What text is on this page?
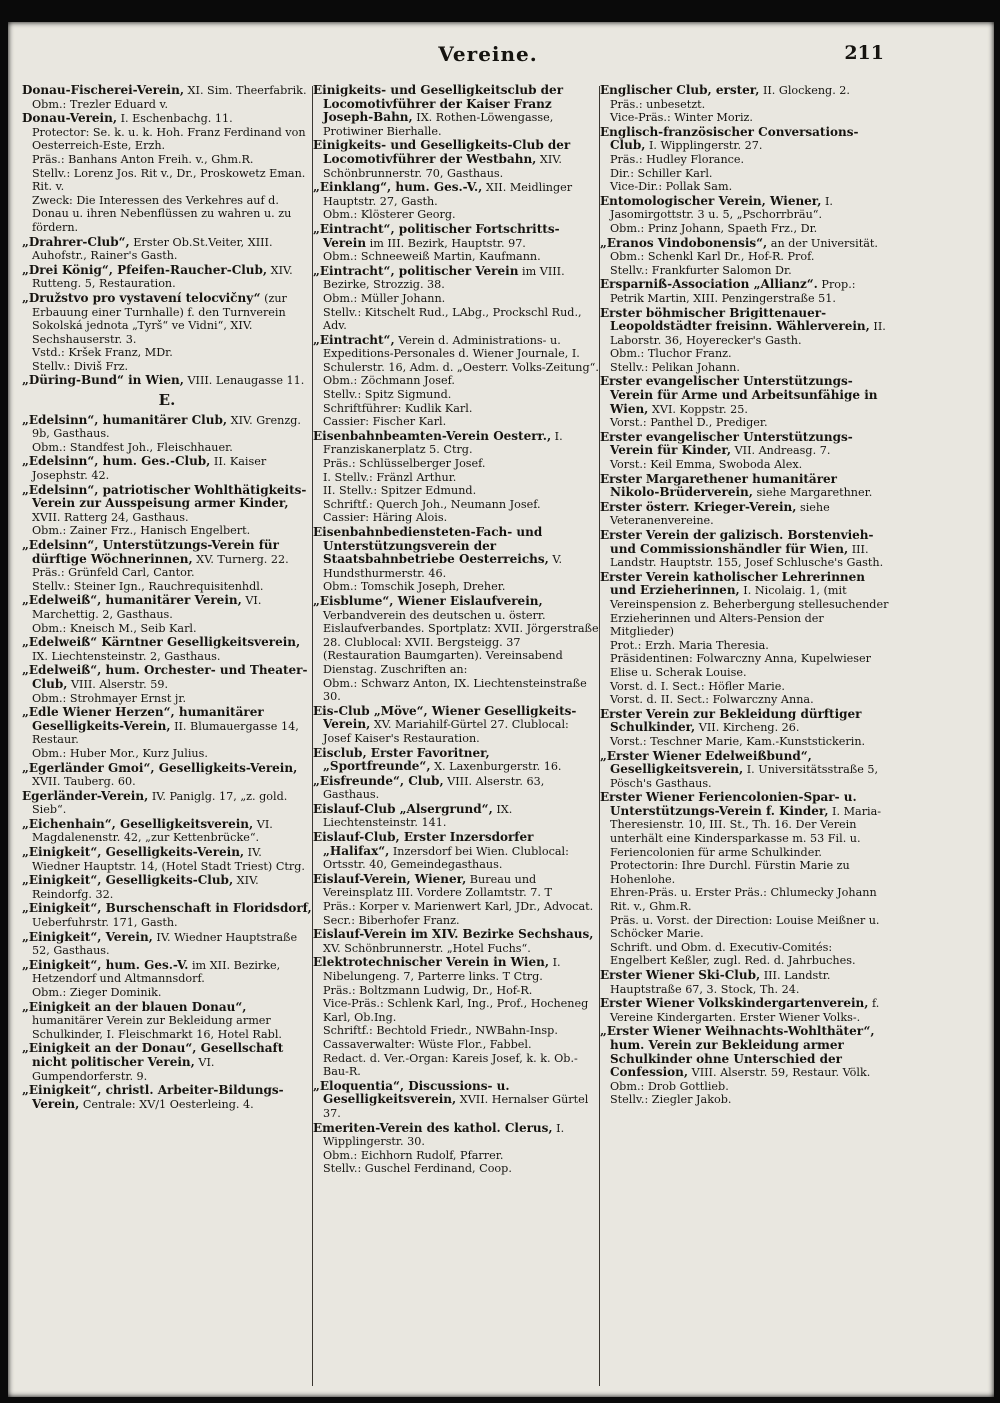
Vereine.	211

Donau-Fischerei-Verein, XI. Sim. Theerfabrik.

Obm.: Trezler Eduard v.

Donau-Verein, I. Eschenbachg. 11.

Protector: Se. k. u. k. Hoh. Franz Ferdinand von Oesterreich-Este, Erzh.

Präs.: Banhans Anton Freih. v., Ghm.R.

Stellv.: Lorenz Jos. Rit v., Dr., Proskowetz Eman. Rit. v.

Zweck: Die Interessen des Verkehres auf d. Donau u. ihren Nebenflüssen zu wahren u. zu fördern.

„Drahrer-Club“, Erster Ob.St.Veiter, XIII. Auhofstr., Rainer's Gasth.

„Drei König“, Pfeifen-Raucher-Club, XIV. Rutteng. 5, Restauration.

„Družstvo pro vystavení telocvičny“ (zur Erbauung einer Turnhalle) f. den Turnverein Sokolská jednota „Tyrš“ ve Vidni“, XIV. Sechshauserstr. 3.

Vstd.: Kršek Franz, MDr.

Stellv.: Diviš Frz.

„Düring-Bund“ in Wien, VIII. Lenaugasse 11.

E.

„Edelsinn“, humanitärer Club, XIV. Grenzg. 9b, Gasthaus.

Obm.: Standfest Joh., Fleischhauer.

„Edelsinn“, hum. Ges.-Club, II. Kaiser Josephstr. 42.

„Edelsinn“, patriotischer Wohlthätigkeits-Verein zur Ausspeisung armer Kinder, XVII. Ratterg 24, Gasthaus.

Obm.: Zainer Frz., Hanisch Engelbert.

„Edelsinn“, Unterstützungs-Verein für dürftige Wöchnerinnen, XV. Turnerg. 22.

Präs.: Grünfeld Carl, Cantor.

Stellv.: Steiner Ign., Rauchrequisitenhdl.

„Edelweiß“, humanitärer Verein, VI. Marchettig. 2, Gasthaus.

Obm.: Kneisch M., Seib Karl.

„Edelweiß“ Kärntner Geselligkeitsverein, IX. Liechtensteinstr. 2, Gasthaus.

„Edelweiß“, hum. Orchester- und Theater-Club, VIII. Alserstr. 59.

Obm.: Strohmayer Ernst jr.

„Edle Wiener Herzen“, humanitärer Geselligkeits-Verein, II. Blumauergasse 14, Restaur.

Obm.: Huber Mor., Kurz Julius.

„Egerländer Gmoi“, Geselligkeits-Verein, XVII. Tauberg. 60.

Egerländer-Verein, IV. Paniglg. 17, „z. gold. Sieb“.

„Eichenhain“, Geselligkeitsverein, VI. Magdalenenstr. 42, „zur Kettenbrücke“.

„Einigkeit“, Geselligkeits-Verein, IV. Wiedner Hauptstr. 14, (Hotel Stadt Triest) Ctrg.

„Einigkeit“, Geselligkeits-Club, XIV. Reindorfg. 32.

„Einigkeit“, Burschenschaft in Floridsdorf, Ueberfuhrstr. 171, Gasth.

„Einigkeit“, Verein, IV. Wiedner Hauptstraße 52, Gasthaus.

„Einigkeit“, hum. Ges.-V. im XII. Bezirke, Hetzendorf und Altmannsdorf.

Obm.: Zieger Dominik.

„Einigkeit an der blauen Donau“, humanitärer Verein zur Bekleidung armer Schulkinder, I. Fleischmarkt 16, Hotel Rabl.

„Einigkeit an der Donau“, Gesellschaft nicht politischer Verein, VI. Gumpendorferstr. 9.

„Einigkeit“, christl. Arbeiter-Bildungs-Verein, Centrale: XV/1 Oesterleing. 4.

Einigkeits- und Geselligkeitsclub der Locomotivführer der Kaiser Franz Joseph-Bahn, IX. Rothen-Löwengasse, Protiwiner Bierhalle.

Einigkeits- und Geselligkeits-Club der Locomotivführer der Westbahn, XIV. Schönbrunnerstr. 70, Gasthaus.

„Einklang“, hum. Ges.-V., XII. Meidlinger Hauptstr. 27, Gasth.

Obm.: Klösterer Georg.

„Eintracht“, politischer Fortschritts-Verein im III. Bezirk, Hauptstr. 97.

Obm.: Schneeweiß Martin, Kaufmann.

„Eintracht“, politischer Verein im VIII. Bezirke, Strozzig. 38.

Obm.: Müller Johann.

Stellv.: Kitschelt Rud., LAbg., Prockschl Rud., Adv.

„Eintracht“, Verein d. Administrations- u. Expeditions-Personales d. Wiener Journale, I. Schulerstr. 16, Adm. d. „Oesterr. Volks-Zeitung“.

Obm.: Zöchmann Josef.

Stellv.: Spitz Sigmund.

Schriftführer: Kudlik Karl.

Cassier: Fischer Karl.

Eisenbahnbeamten-Verein Oesterr., I. Franziskanerplatz 5. Ctrg.

Präs.: Schlüsselberger Josef.

I. Stellv.: Fränzl Arthur.

II. Stellv.: Spitzer Edmund.

Schriftf.: Querch Joh., Neumann Josef.

Cassier: Häring Alois.

Eisenbahnbediensteten-Fach- und Unterstützungsverein der Staatsbahnbetriebe Oesterreichs, V. Hundsthurmerstr. 46.

Obm.: Tomschik Joseph, Dreher.

„Eisblume“, Wiener Eislaufverein, Verbandverein des deutschen u. österr. Eislaufverbandes. Sportplatz: XVII. Jörgerstraße 28. Clublocal: XVII. Bergsteigg. 37 (Restauration Baumgarten). Vereinsabend Dienstag. Zuschriften an:

Obm.: Schwarz Anton, IX. Liechtensteinstraße 30.

Eis-Club „Möve“, Wiener Geselligkeits-Verein, XV. Mariahilf-Gürtel 27. Clublocal: Josef Kaiser's Restauration.

Eisclub, Erster Favoritner, „Sportfreunde“, X. Laxenburgerstr. 16.

„Eisfreunde“, Club, VIII. Alserstr. 63, Gasthaus.

Eislauf-Club „Alsergrund“, IX. Liechtensteinstr. 141.

Eislauf-Club, Erster Inzersdorfer „Halifax“, Inzersdorf bei Wien. Clublocal: Ortsstr. 40, Gemeindegasthaus.

Eislauf-Verein, Wiener, Bureau und Vereinsplatz III. Vordere Zollamtstr. 7. T

Präs.: Korper v. Marienwert Karl, JDr., Advocat.

Secr.: Biberhofer Franz.

Eislauf-Verein im XIV. Bezirke Sechshaus, XV. Schönbrunnerstr. „Hotel Fuchs“.

Elektrotechnischer Verein in Wien, I. Nibelungeng. 7, Parterre links. T Ctrg.

Präs.: Boltzmann Ludwig, Dr., Hof-R.

Vice-Präs.: Schlenk Karl, Ing., Prof., Hocheneg Karl, Ob.Ing.

Schriftf.: Bechtold Friedr., NWBahn-Insp.

Cassaverwalter: Wüste Flor., Fabbel.

Redact. d. Ver.-Organ: Kareis Josef, k. k. Ob.-Bau-R.

„Eloquentia“, Discussions- u. Geselligkeitsverein, XVII. Hernalser Gürtel 37.

Emeriten-Verein des kathol. Clerus, I. Wipplingerstr. 30.

Obm.: Eichhorn Rudolf, Pfarrer.

Stellv.: Guschel Ferdinand, Coop.

Englischer Club, erster, II. Glockeng. 2.

Präs.: unbesetzt.

Vice-Präs.: Winter Moriz.

Englisch-französischer Conversations-Club, I. Wipplingerstr. 27.

Präs.: Hudley Florance.

Dir.: Schiller Karl.

Vice-Dir.: Pollak Sam.

Entomologischer Verein, Wiener, I. Jasomirgottstr. 3 u. 5, „Pschorrbräu“.

Obm.: Prinz Johann, Spaeth Frz., Dr.

„Eranos Vindobonensis“, an der Universität.

Obm.: Schenkl Karl Dr., Hof-R. Prof.

Stellv.: Frankfurter Salomon Dr.

Ersparniß-Association „Allianz“. Prop.: Petrik Martin, XIII. Penzingerstraße 51.

Erster böhmischer Brigittenauer-Leopoldstädter freisinn. Wählerverein, II. Laborstr. 36, Hoyerecker's Gasth.

Obm.: Tluchor Franz.

Stellv.: Pelikan Johann.

Erster evangelischer Unterstützungs-Verein für Arme und Arbeitsunfähige in Wien, XVI. Koppstr. 25.

Vorst.: Panthel D., Prediger.

Erster evangelischer Unterstützungs-Verein für Kinder, VII. Andreasg. 7.

Vorst.: Keil Emma, Swoboda Alex.

Erster Margarethener humanitärer Nikolo-Brüderverein, siehe Margarethner.

Erster österr. Krieger-Verein, siehe Veteranenvereine.

Erster Verein der galizisch. Borstenvieh- und Commissionshändler für Wien, III. Landstr. Hauptstr. 155, Josef Schlusche's Gasth.

Erster Verein katholischer Lehrerinnen und Erzieherinnen, I. Nicolaig. 1, (mit Vereinspension z. Beherbergung stellesuchender Erzieherinnen und Alters-Pension der Mitglieder)

Prot.: Erzh. Maria Theresia.

Präsidentinen: Folwarczny Anna, Kupelwieser Elise u. Scherak Louise.

Vorst. d. I. Sect.: Höfler Marie.

Vorst. d. II. Sect.: Folwarczny Anna.

Erster Verein zur Bekleidung dürftiger Schulkinder, VII. Kircheng. 26.

Vorst.: Teschner Marie, Kam.-Kunststickerin.

„Erster Wiener Edelweißbund“, Geselligkeitsverein, I. Universitätsstraße 5, Pösch's Gasthaus.

Erster Wiener Feriencolonien-Spar- u. Unterstützungs-Verein f. Kinder, I. Maria-Theresienstr. 10, III. St., Th. 16. Der Verein unterhält eine Kindersparkasse m. 53 Fil. u. Feriencolonien für arme Schulkinder.

Protectorin: Ihre Durchl. Fürstin Marie zu Hohenlohe.

Ehren-Präs. u. Erster Präs.: Chlumecky Johann Rit. v., Ghm.R.

Präs. u. Vorst. der Direction: Louise Meißner u. Schöcker Marie.

Schrift. und Obm. d. Executiv-Comités: Engelbert Keßler, zugl. Red. d. Jahrbuches.

Erster Wiener Ski-Club, III. Landstr. Hauptstraße 67, 3. Stock, Th. 24.

Erster Wiener Volkskindergartenverein, f. Vereine Kindergarten. Erster Wiener Volks-.

„Erster Wiener Weihnachts-Wohlthäter“, hum. Verein zur Bekleidung armer Schulkinder ohne Unterschied der Confession, VIII. Alserstr. 59, Restaur. Völk.

Obm.: Drob Gottlieb.

Stellv.: Ziegler Jakob.
